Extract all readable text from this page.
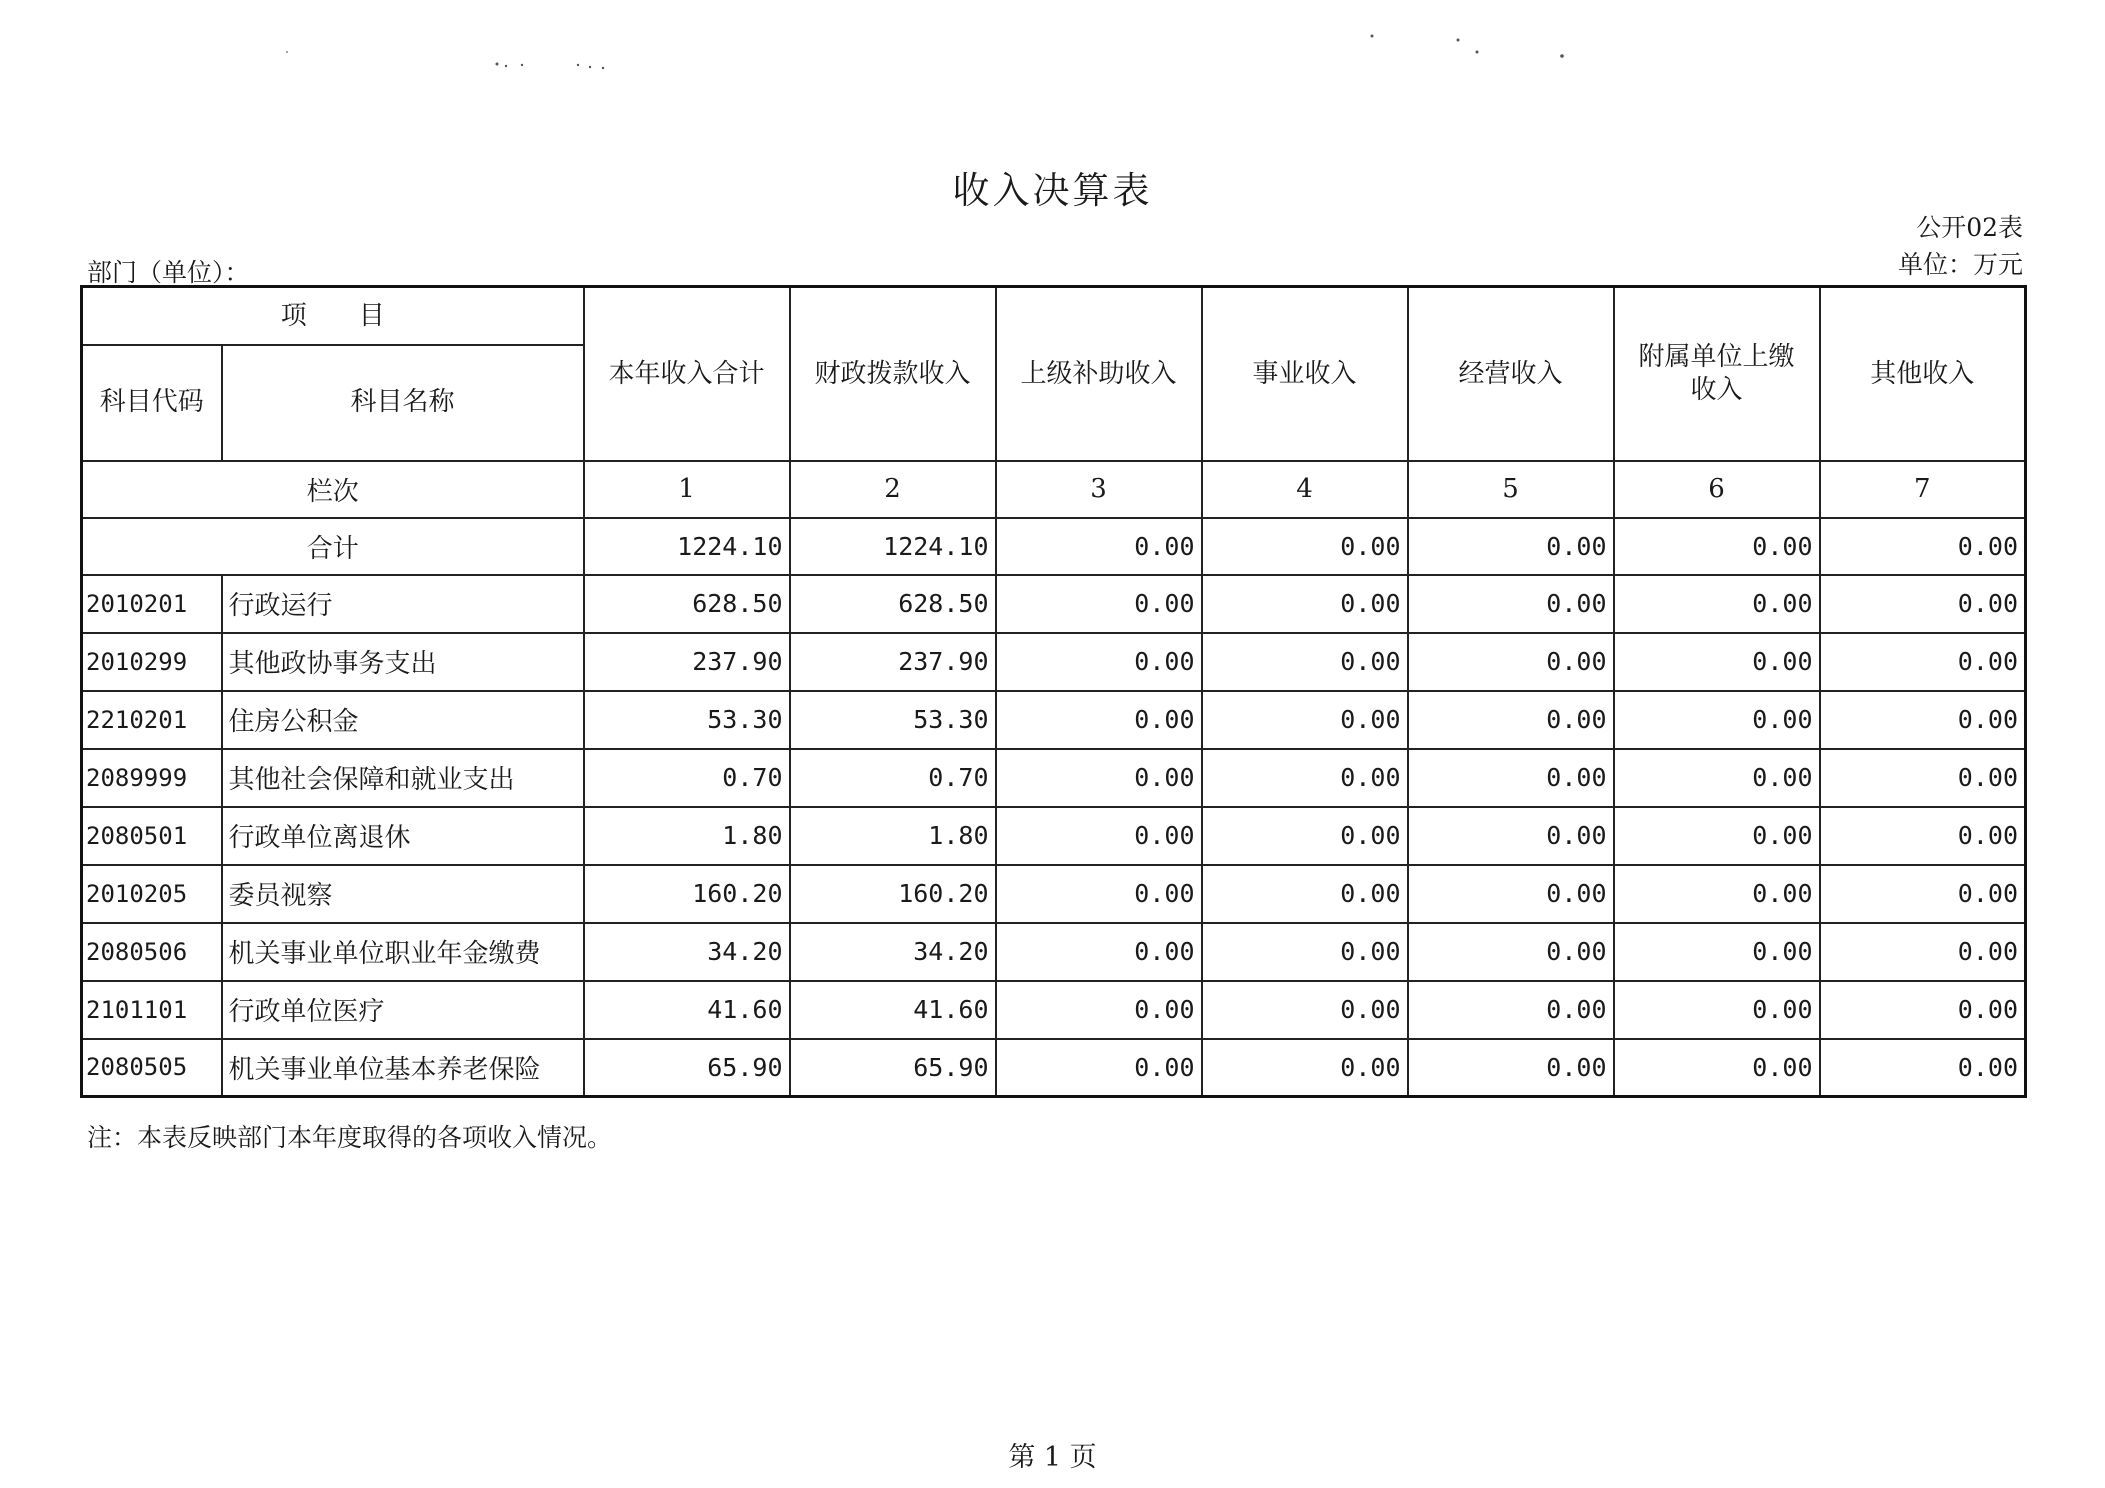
收入决算表
公开02表
单位：万元
部门（单位）：
项　　目		本年收入合计	财政拨款收入	上级补助收入	事业收入	经营收入	附属单位上缴收入	其他收入
科目代码	科目名称							
栏次		1	2	3	4	5	6	7
合计		1224.10	1224.10	0.00	0.00	0.00	0.00	0.00
2010201	行政运行	628.50	628.50	0.00	0.00	0.00	0.00	0.00
2010299	其他政协事务支出	237.90	237.90	0.00	0.00	0.00	0.00	0.00
2210201	住房公积金	53.30	53.30	0.00	0.00	0.00	0.00	0.00
2089999	其他社会保障和就业支出	0.70	0.70	0.00	0.00	0.00	0.00	0.00
2080501	行政单位离退休	1.80	1.80	0.00	0.00	0.00	0.00	0.00
2010205	委员视察	160.20	160.20	0.00	0.00	0.00	0.00	0.00
2080506	机关事业单位职业年金缴费	34.20	34.20	0.00	0.00	0.00	0.00	0.00
2101101	行政单位医疗	41.60	41.60	0.00	0.00	0.00	0.00	0.00
2080505	机关事业单位基本养老保险	65.90	65.90	0.00	0.00	0.00	0.00	0.00
注：本表反映部门本年度取得的各项收入情况。
第 1 页
